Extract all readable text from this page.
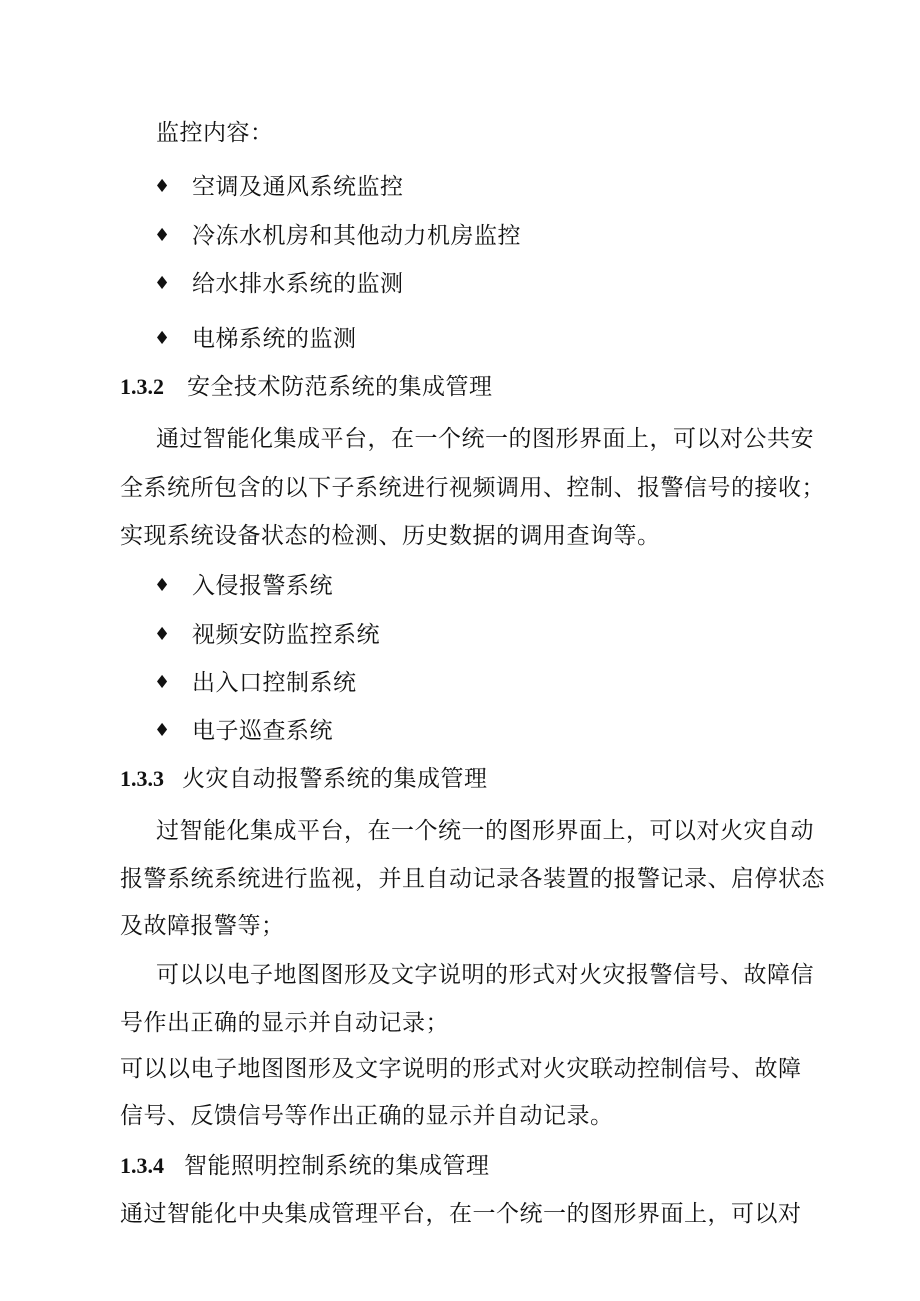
监控内容：
♦ 空调及通风系统监控
♦ 冷冻水机房和其他动力机房监控
♦ 给水排水系统的监测
♦ 电梯系统的监测
1.3.2 安全技术防范系统的集成管理
通过智能化集成平台，在一个统一的图形界面上，可以对公共安
全系统所包含的以下子系统进行视频调用、控制、报警信号的接收；
实现系统设备状态的检测、历史数据的调用查询等。
♦ 入侵报警系统
♦ 视频安防监控系统
♦ 出入口控制系统
♦ 电子巡查系统
1.3.3 火灾自动报警系统的集成管理
过智能化集成平台，在一个统一的图形界面上，可以对火灾自动
报警系统系统进行监视，并且自动记录各装置的报警记录、启停状态
及故障报警等；
可以以电子地图图形及文字说明的形式对火灾报警信号、故障信
号作出正确的显示并自动记录；
可以以电子地图图形及文字说明的形式对火灾联动控制信号、故障
信号、反馈信号等作出正确的显示并自动记录。
1.3.4 智能照明控制系统的集成管理
通过智能化中央集成管理平台，在一个统一的图形界面上，可以对
